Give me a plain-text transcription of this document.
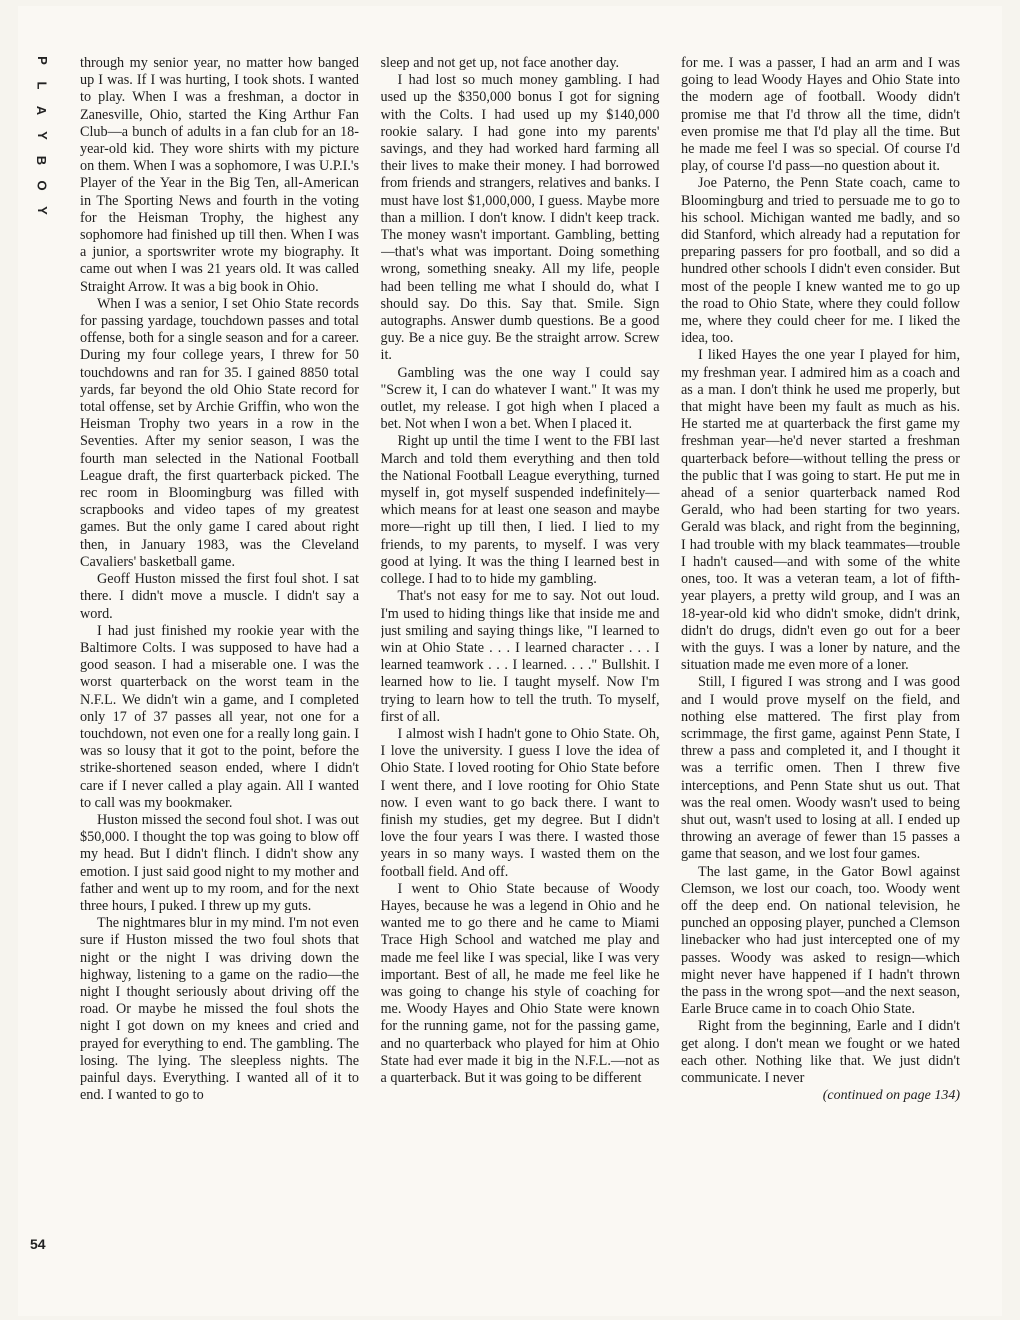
P
L
A
Y
B
O
Y
54

through my senior year, no matter how banged up I was. If I was hurting, I took shots. I wanted to play. When I was a freshman, a doctor in Zanesville, Ohio, started the King Arthur Fan Club—a bunch of adults in a fan club for an 18-year-old kid. They wore shirts with my picture on them. When I was a sophomore, I was U.P.I.'s Player of the Year in the Big Ten, all-American in The Sporting News and fourth in the voting for the Heisman Trophy, the highest any sophomore had finished up till then. When I was a junior, a sportswriter wrote my biography. It came out when I was 21 years old. It was called Straight Arrow. It was a big book in Ohio.

When I was a senior, I set Ohio State records for passing yardage, touchdown passes and total offense, both for a single season and for a career. During my four college years, I threw for 50 touchdowns and ran for 35. I gained 8850 total yards, far beyond the old Ohio State record for total offense, set by Archie Griffin, who won the Heisman Trophy two years in a row in the Seventies. After my senior season, I was the fourth man selected in the National Football League draft, the first quarterback picked. The rec room in Bloomingburg was filled with scrapbooks and video tapes of my greatest games. But the only game I cared about right then, in January 1983, was the Cleveland Cavaliers' basketball game.

Geoff Huston missed the first foul shot. I sat there. I didn't move a muscle. I didn't say a word.

I had just finished my rookie year with the Baltimore Colts. I was supposed to have had a good season. I had a miserable one. I was the worst quarterback on the worst team in the N.F.L. We didn't win a game, and I completed only 17 of 37 passes all year, not one for a touchdown, not even one for a really long gain. I was so lousy that it got to the point, before the strike-shortened season ended, where I didn't care if I never called a play again. All I wanted to call was my bookmaker.

Huston missed the second foul shot. I was out $50,000. I thought the top was going to blow off my head. But I didn't flinch. I didn't show any emotion. I just said good night to my mother and father and went up to my room, and for the next three hours, I puked. I threw up my guts.

The nightmares blur in my mind. I'm not even sure if Huston missed the two foul shots that night or the night I was driving down the highway, listening to a game on the radio—the night I thought seriously about driving off the road. Or maybe he missed the foul shots the night I got down on my knees and cried and prayed for everything to end. The gambling. The losing. The lying. The sleepless nights. The painful days. Everything. I wanted all of it to end. I wanted to go to

sleep and not get up, not face another day.

I had lost so much money gambling. I had used up the $350,000 bonus I got for signing with the Colts. I had used up my $140,000 rookie salary. I had gone into my parents' savings, and they had worked hard farming all their lives to make their money. I had borrowed from friends and strangers, relatives and banks. I must have lost $1,000,000, I guess. Maybe more than a million. I don't know. I didn't keep track. The money wasn't important. Gambling, betting—that's what was important. Doing something wrong, something sneaky. All my life, people had been telling me what I should do, what I should say. Do this. Say that. Smile. Sign autographs. Answer dumb questions. Be a good guy. Be a nice guy. Be the straight arrow. Screw it.

Gambling was the one way I could say "Screw it, I can do whatever I want." It was my outlet, my release. I got high when I placed a bet. Not when I won a bet. When I placed it.

Right up until the time I went to the FBI last March and told them everything and then told the National Football League everything, turned myself in, got myself suspended indefinitely—which means for at least one season and maybe more—right up till then, I lied. I lied to my friends, to my parents, to myself. I was very good at lying. It was the thing I learned best in college. I had to to hide my gambling.

That's not easy for me to say. Not out loud. I'm used to hiding things like that inside me and just smiling and saying things like, "I learned to win at Ohio State . . . I learned character . . . I learned teamwork . . . I learned. . . ." Bullshit. I learned how to lie. I taught myself. Now I'm trying to learn how to tell the truth. To myself, first of all.

I almost wish I hadn't gone to Ohio State. Oh, I love the university. I guess I love the idea of Ohio State. I loved rooting for Ohio State before I went there, and I love rooting for Ohio State now. I even want to go back there. I want to finish my studies, get my degree. But I didn't love the four years I was there. I wasted those years in so many ways. I wasted them on the football field. And off.

I went to Ohio State because of Woody Hayes, because he was a legend in Ohio and he wanted me to go there and he came to Miami Trace High School and watched me play and made me feel like I was special, like I was very important. Best of all, he made me feel like he was going to change his style of coaching for me. Woody Hayes and Ohio State were known for the running game, not for the passing game, and no quarterback who played for him at Ohio State had ever made it big in the N.F.L.—not as a quarterback. But it was going to be different

for me. I was a passer, I had an arm and I was going to lead Woody Hayes and Ohio State into the modern age of football. Woody didn't promise me that I'd throw all the time, didn't even promise me that I'd play all the time. But he made me feel I was so special. Of course I'd play, of course I'd pass—no question about it.

Joe Paterno, the Penn State coach, came to Bloomingburg and tried to persuade me to go to his school. Michigan wanted me badly, and so did Stanford, which already had a reputation for preparing passers for pro football, and so did a hundred other schools I didn't even consider. But most of the people I knew wanted me to go up the road to Ohio State, where they could follow me, where they could cheer for me. I liked the idea, too.

I liked Hayes the one year I played for him, my freshman year. I admired him as a coach and as a man. I don't think he used me properly, but that might have been my fault as much as his. He started me at quarterback the first game my freshman year—he'd never started a freshman quarterback before—without telling the press or the public that I was going to start. He put me in ahead of a senior quarterback named Rod Gerald, who had been starting for two years. Gerald was black, and right from the beginning, I had trouble with my black teammates—trouble I hadn't caused—and with some of the white ones, too. It was a veteran team, a lot of fifth-year players, a pretty wild group, and I was an 18-year-old kid who didn't smoke, didn't drink, didn't do drugs, didn't even go out for a beer with the guys. I was a loner by nature, and the situation made me even more of a loner.

Still, I figured I was strong and I was good and I would prove myself on the field, and nothing else mattered. The first play from scrimmage, the first game, against Penn State, I threw a pass and completed it, and I thought it was a terrific omen. Then I threw five interceptions, and Penn State shut us out. That was the real omen. Woody wasn't used to being shut out, wasn't used to losing at all. I ended up throwing an average of fewer than 15 passes a game that season, and we lost four games.

The last game, in the Gator Bowl against Clemson, we lost our coach, too. Woody went off the deep end. On national television, he punched an opposing player, punched a Clemson linebacker who had just intercepted one of my passes. Woody was asked to resign—which might never have happened if I hadn't thrown the pass in the wrong spot—and the next season, Earle Bruce came in to coach Ohio State.

Right from the beginning, Earle and I didn't get along. I don't mean we fought or we hated each other. Nothing like that. We just didn't communicate. I never

(continued on page 134)
